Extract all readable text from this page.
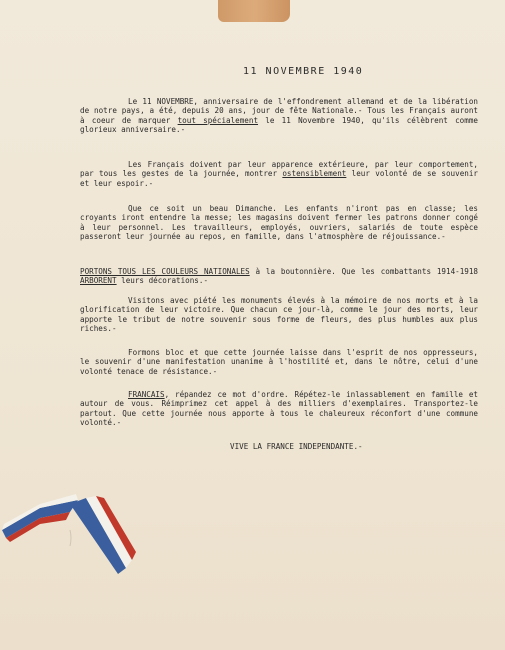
11 NOVEMBRE 1940
Le 11 NOVEMBRE, anniversaire de l'effondrement allemand et de la libération de notre pays, a été, depuis 20 ans, jour de fête Nationale.- Tous les Français auront à coeur de marquer tout spécialement le 11 Novembre 1940, qu'ils célèbrent comme glorieux anniversaire.-
Les Français doivent par leur apparence extérieure, par leur comportement, par tous les gestes de la journée, montrer ostensiblement leur volonté de se souvenir et leur espoir.-
Que ce soit un beau Dimanche. Les enfants n'iront pas en classe; les croyants iront entendre la messe; les magasins doivent fermer les patrons donner congé à leur personnel. Les travailleurs, employés, ouvriers, salariés de toute espèce passeront leur journée au repos, en famille, dans l'atmosphère de réjouissance.-
PORTONS TOUS LES COULEURS NATIONALES à la boutonnière. Que les combattants 1914-1918 ARBORENT leurs décorations.-
Visitons avec piété les monuments élevés à la mémoire de nos morts et à la glorification de leur victoire. Que chacun ce jour-là, comme le jour des morts, leur apporte le tribut de notre souvenir sous forme de fleurs, des plus humbles aux plus riches.-
Formons bloc et que cette journée laisse dans l'esprit de nos oppresseurs, le souvenir d'une manifestation unanime à l'hostilité et, dans le nôtre, celui d'une volonté tenace de résistance.-
FRANCAIS, répandez ce mot d'ordre. Répétez-le inlassablement en famille et autour de vous. Réimprimez cet appel à des milliers d'exemplaires. Transportez-le partout. Que cette journée nous apporte à tous le chaleureux réconfort d'une commune volonté.-
VIVE LA FRANCE INDEPENDANTE.-
